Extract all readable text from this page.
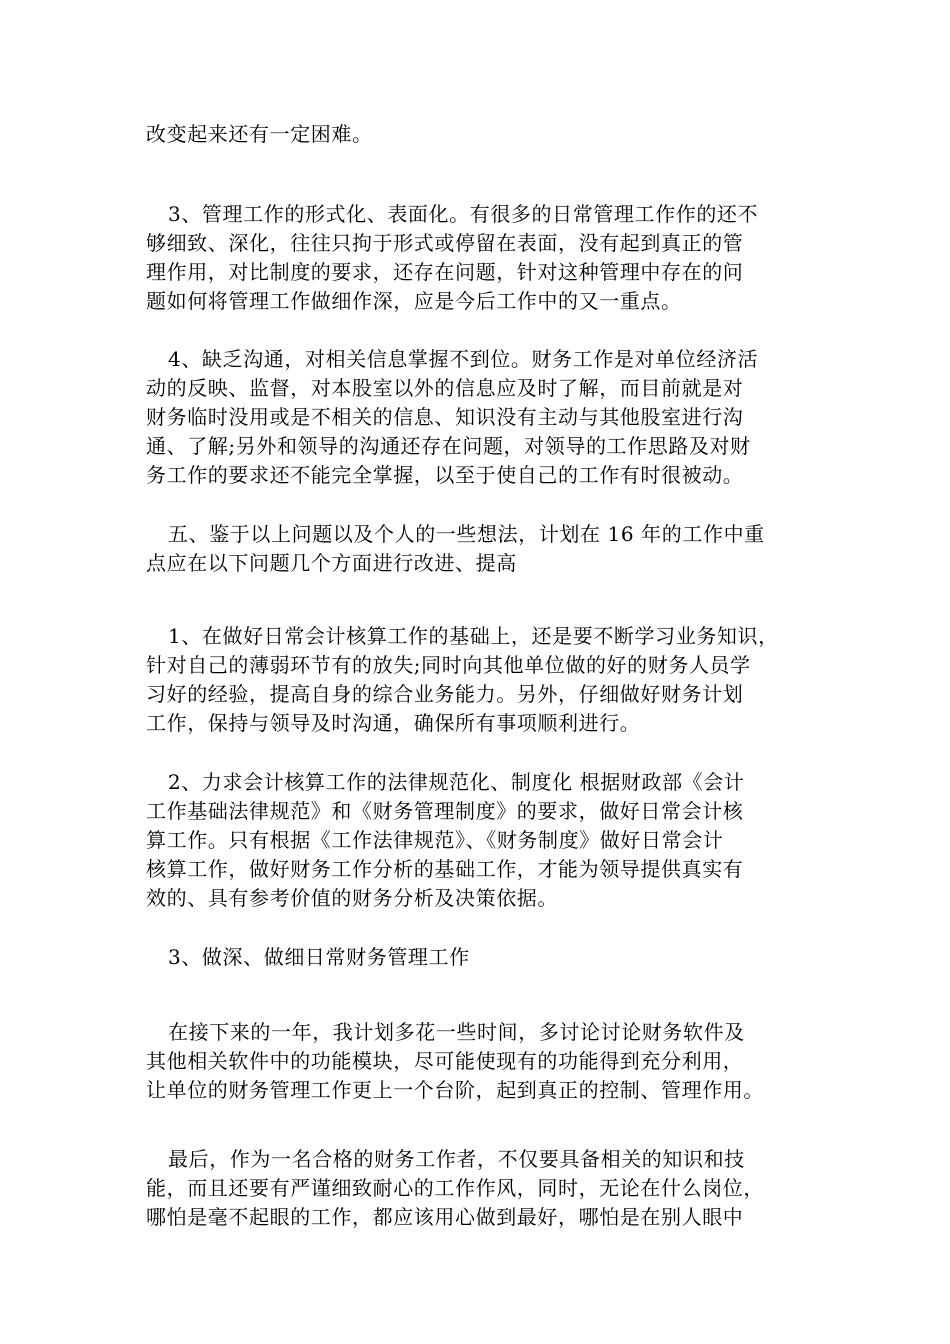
改变起来还有一定困难。
3、管理工作的形式化、表面化。有很多的日常管理工作作的还不
够细致、深化，往往只拘于形式或停留在表面，没有起到真正的管
理作用，对比制度的要求，还存在问题，针对这种管理中存在的问
题如何将管理工作做细作深，应是今后工作中的又一重点。
4、缺乏沟通，对相关信息掌握不到位。财务工作是对单位经济活
动的反映、监督，对本股室以外的信息应及时了解，而目前就是对
财务临时没用或是不相关的信息、知识没有主动与其他股室进行沟
通、了解;另外和领导的沟通还存在问题，对领导的工作思路及对财
务工作的要求还不能完全掌握，以至于使自己的工作有时很被动。
五、鉴于以上问题以及个人的一些想法，计划在 16 年的工作中重
点应在以下问题几个方面进行改进、提高
1、在做好日常会计核算工作的基础上，还是要不断学习业务知识，
针对自己的薄弱环节有的放失;同时向其他单位做的好的财务人员学
习好的经验，提高自身的综合业务能力。另外，仔细做好财务计划
工作，保持与领导及时沟通，确保所有事项顺利进行。
2、力求会计核算工作的法律规范化、制度化 根据财政部《会计
工作基础法律规范》和《财务管理制度》的要求，做好日常会计核
算工作。只有根据《工作法律规范》、《财务制度》做好日常会计
核算工作，做好财务工作分析的基础工作，才能为领导提供真实有
效的、具有参考价值的财务分析及决策依据。
3、做深、做细日常财务管理工作
在接下来的一年，我计划多花一些时间，多讨论讨论财务软件及
其他相关软件中的功能模块，尽可能使现有的功能得到充分利用，
让单位的财务管理工作更上一个台阶，起到真正的控制、管理作用。
最后，作为一名合格的财务工作者，不仅要具备相关的知识和技
能，而且还要有严谨细致耐心的工作作风，同时，无论在什么岗位，
哪怕是毫不起眼的工作，都应该用心做到最好，哪怕是在别人眼中
